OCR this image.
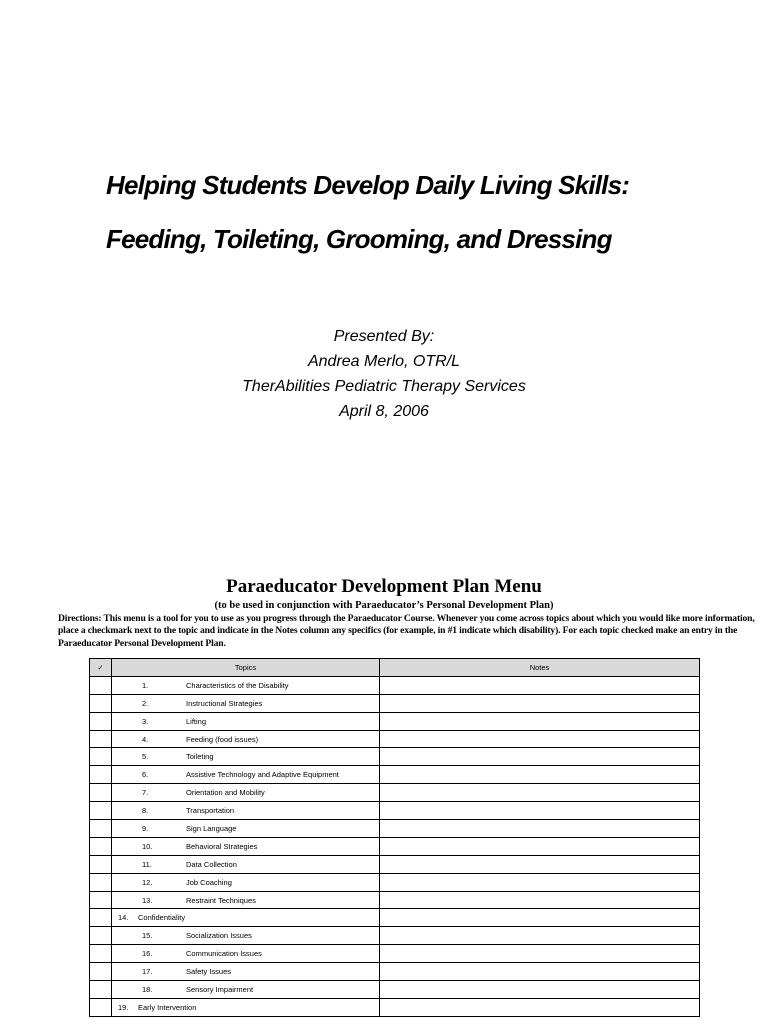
Helping Students Develop Daily Living Skills:
Feeding, Toileting, Grooming, and Dressing
Presented By:
Andrea Merlo, OTR/L
TherAbilities Pediatric Therapy Services
April 8, 2006
Paraeducator Development Plan Menu
(to be used in conjunction with Paraeducator’s Personal Development Plan)
Directions: This menu is a tool for you to use as you progress through the Paraeducator Course. Whenever you come across topics about which you would like more information, place a checkmark next to the topic and indicate in the Notes column any specifics (for example, in #1 indicate which disability). For each topic checked make an entry in the Paraeducator Personal Development Plan.
✓	Topics	Notes
	1. Characteristics of the Disability	
	2. Instructional Strategies	
	3. Lifting	
	4. Feeding (food issues)	
	5. Toileting	
	6. Assistive Technology and Adaptive Equipment	
	7. Orientation and Mobility	
	8. Transportation	
	9. Sign Language	
	10. Behavioral Strategies	
	11. Data Collection	
	12. Job Coaching	
	13. Restraint Techniques	
	14. Confidentiality	
	15. Socialization Issues	
	16. Communication Issues	
	17. Safety Issues	
	18. Sensory Impairment	
	19. Early Intervention	
